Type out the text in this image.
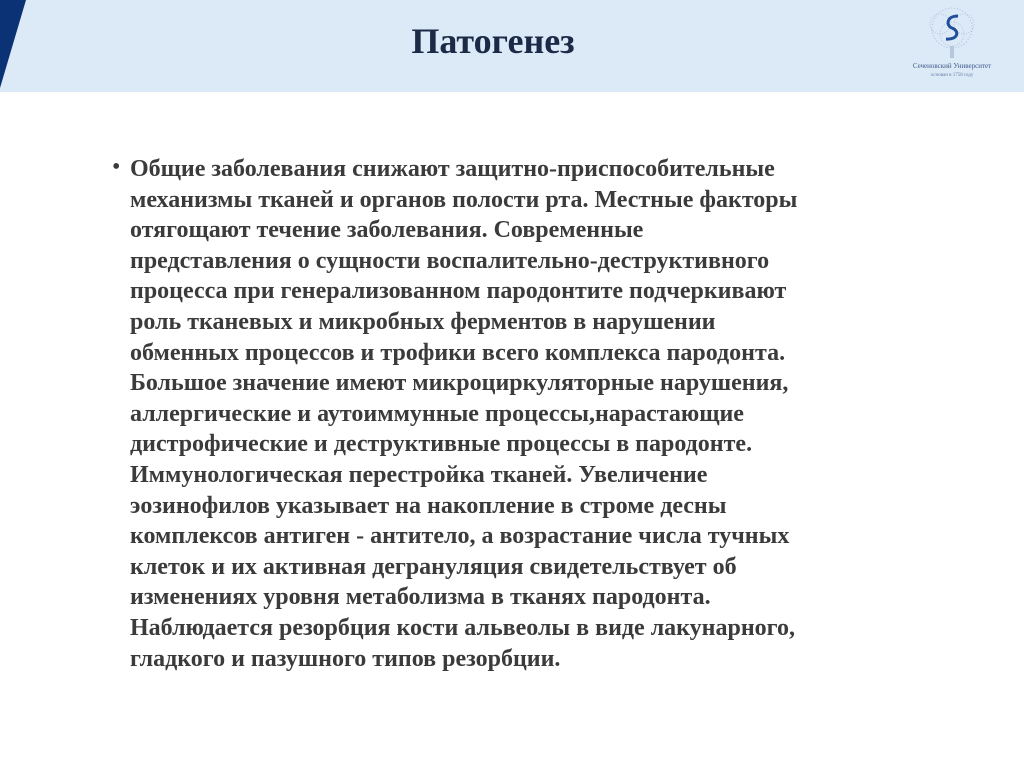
Патогенез
Сеченовский Университет
основан в 1758 году
• Общие заболевания снижают защитно-приспособительные
механизмы тканей и органов полости рта. Местные факторы
отягощают течение заболевания. Современные
представления о сущности воспалительно-деструктивного
процесса при генерализованном пародонтите подчеркивают
роль тканевых и микробных ферментов в нарушении
обменных процессов и трофики всего комплекса пародонта.
Большое значение имеют микроциркуляторные нарушения,
аллергические и аутоиммунные процессы,нарастающие
дистрофические и деструктивные процессы в пародонте.
Иммунологическая перестройка тканей. Увеличение
эозинофилов указывает на накопление в строме десны
комплексов антиген - антитело, а возрастание числа тучных
клеток и их активная дегрануляция свидетельствует об
изменениях уровня метаболизма в тканях пародонта.
Наблюдается резорбция кости альвеолы в виде лакунарного,
гладкого и пазушного типов резорбции.
